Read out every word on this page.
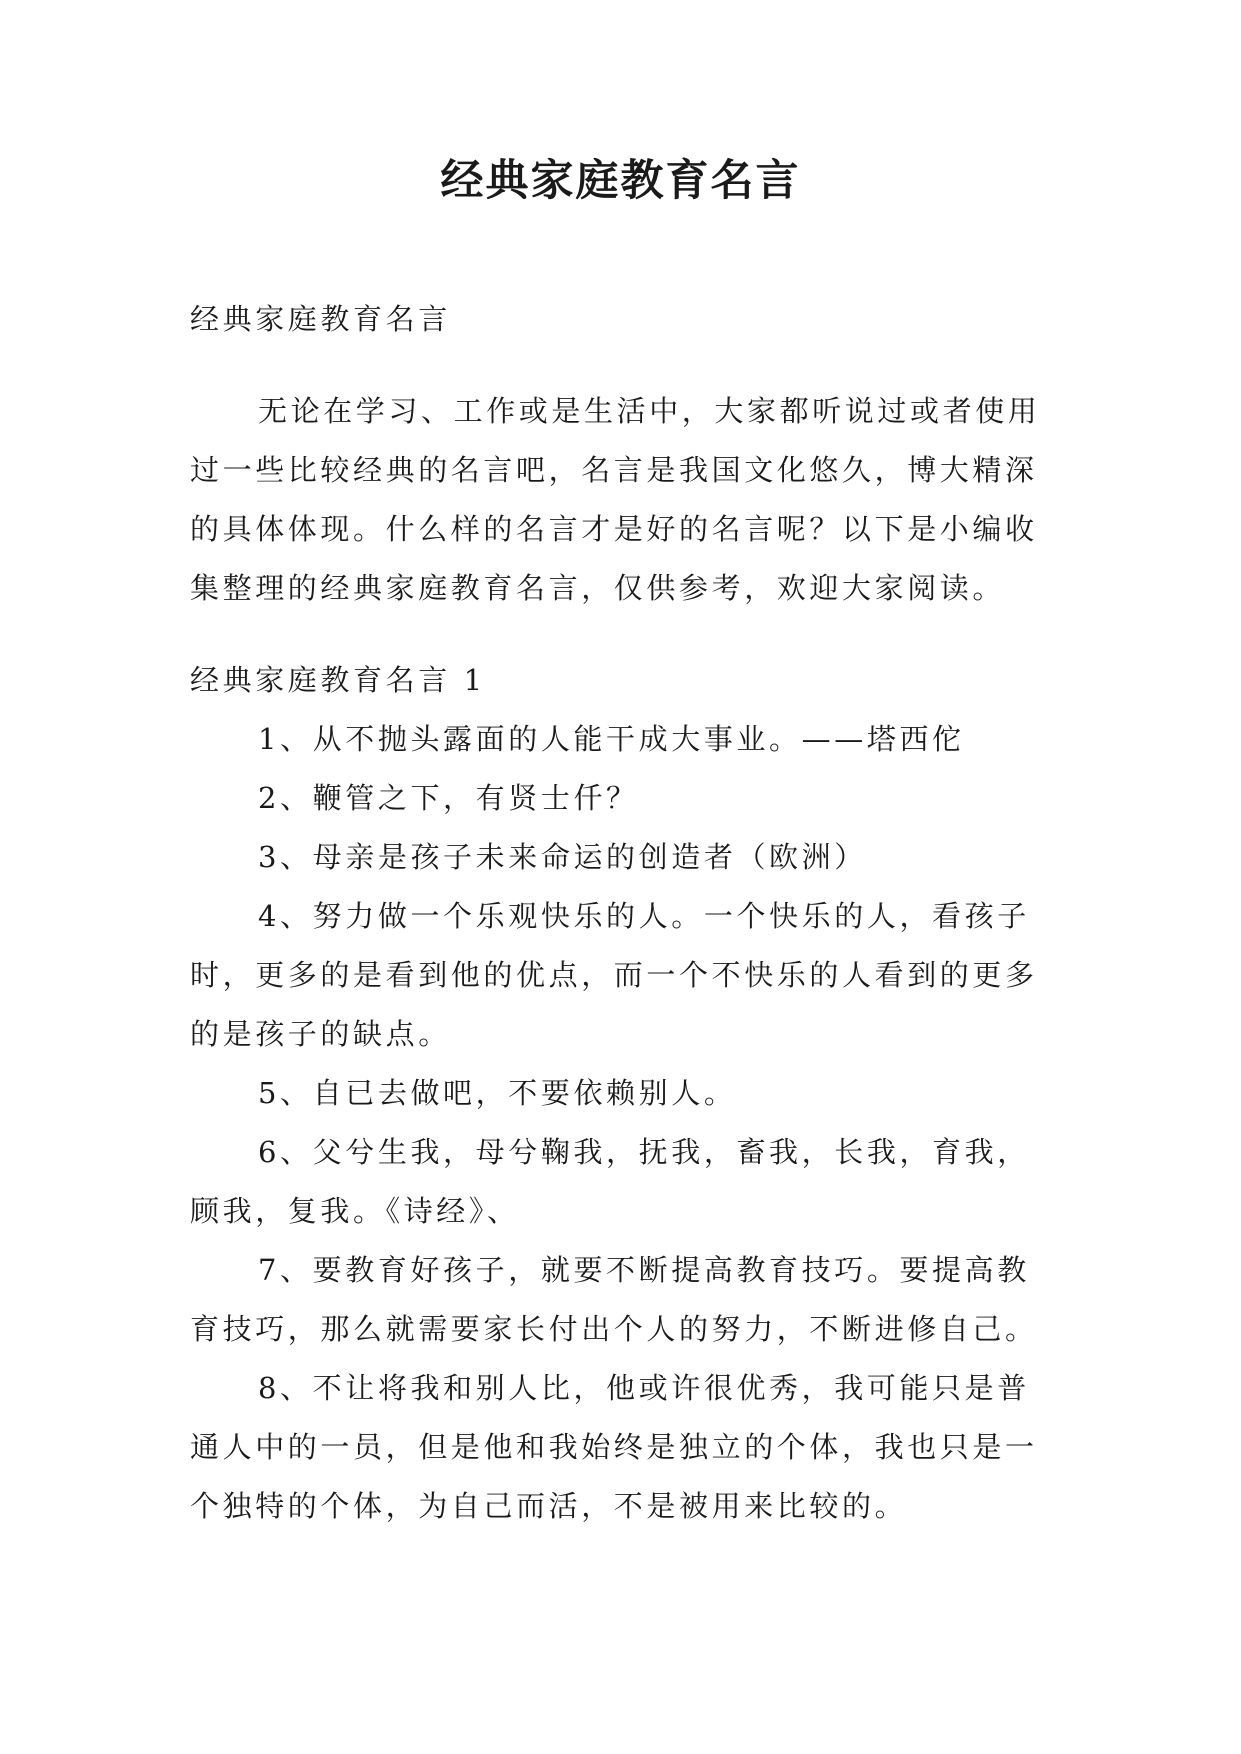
经典家庭教育名言

经典家庭教育名言

无论在学习、工作或是生活中，大家都听说过或者使用

过一些比较经典的名言吧，名言是我国文化悠久，博大精深

的具体体现。什么样的名言才是好的名言呢？以下是小编收

集整理的经典家庭教育名言，仅供参考，欢迎大家阅读。

经典家庭教育名言 1

1、从不抛头露面的人能干成大事业。——塔西佗

2、鞭管之下，有贤士仟？

3、母亲是孩子未来命运的创造者（欧洲）

4、努力做一个乐观快乐的人。一个快乐的人，看孩子

时，更多的是看到他的优点，而一个不快乐的人看到的更多

的是孩子的缺点。

5、自已去做吧，不要依赖别人。

6、父兮生我，母兮鞠我，抚我，畜我，长我，育我，

顾我，复我。《诗经》、

7、要教育好孩子，就要不断提高教育技巧。要提高教

育技巧，那么就需要家长付出个人的努力，不断进修自己。

8、不让将我和别人比，他或许很优秀，我可能只是普

通人中的一员，但是他和我始终是独立的个体，我也只是一

个独特的个体，为自己而活，不是被用来比较的。
